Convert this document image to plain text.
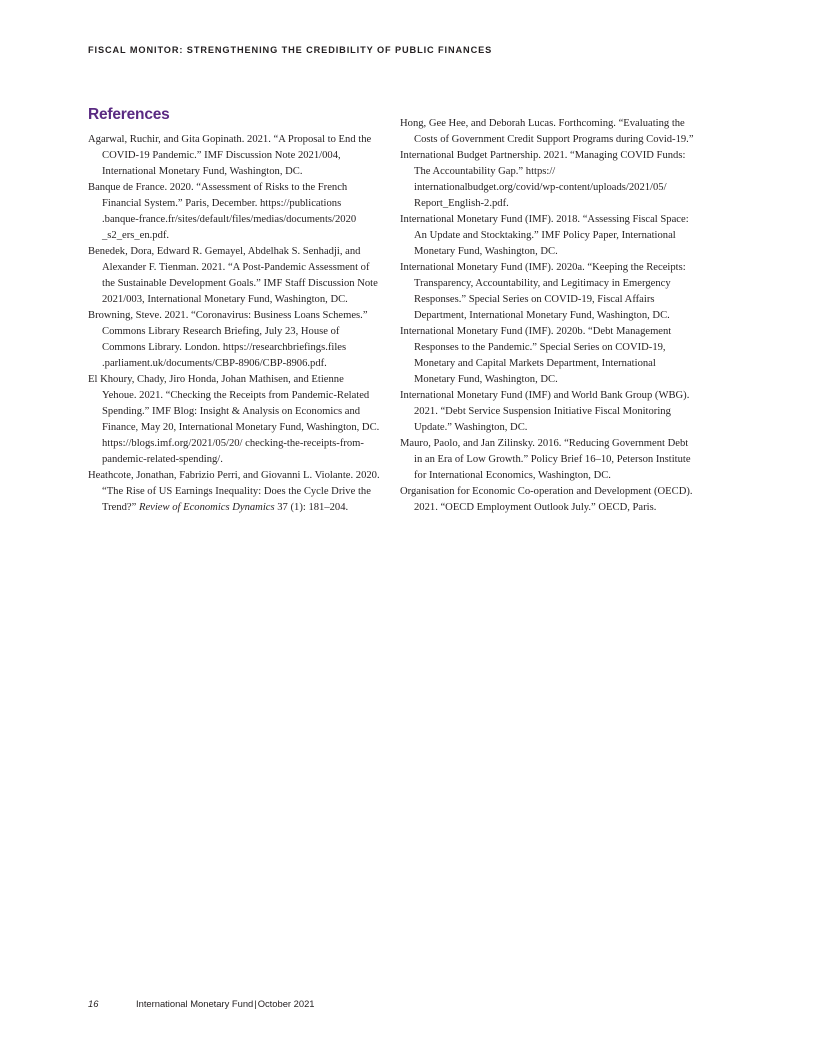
FISCAL MONITOR: STRENGTHENING THE CREDIBILITY OF PUBLIC FINANCES
References
Agarwal, Ruchir, and Gita Gopinath. 2021. “A Proposal to End the COVID-19 Pandemic.” IMF Discussion Note 2021/004, International Monetary Fund, Washington, DC.
Banque de France. 2020. “Assessment of Risks to the French Financial System.” Paris, December. https://publications .banque-france.fr/sites/default/files/medias/documents/2020 _s2_ers_en.pdf.
Benedek, Dora, Edward R. Gemayel, Abdelhak S. Senhadji, and Alexander F. Tienman. 2021. “A Post-Pandemic Assessment of the Sustainable Development Goals.” IMF Staff Discussion Note 2021/003, International Monetary Fund, Washington, DC.
Browning, Steve. 2021. “Coronavirus: Business Loans Schemes.” Commons Library Research Briefing, July 23, House of Commons Library. London. https://researchbriefings.files .parliament.uk/documents/CBP-8906/CBP-8906.pdf.
El Khoury, Chady, Jiro Honda, Johan Mathisen, and Etienne Yehoue. 2021. “Checking the Receipts from Pandemic-Related Spending.” IMF Blog: Insight & Analysis on Economics and Finance, May 20, International Monetary Fund, Washington, DC. https://blogs.imf.org/2021/05/20/ checking-the-receipts-from-pandemic-related-spending/.
Heathcote, Jonathan, Fabrizio Perri, and Giovanni L. Violante. 2020. “The Rise of US Earnings Inequality: Does the Cycle Drive the Trend?” Review of Economics Dynamics 37 (1): 181–204.
Hong, Gee Hee, and Deborah Lucas. Forthcoming. “Evaluating the Costs of Government Credit Support Programs during Covid-19.”
International Budget Partnership. 2021. “Managing COVID Funds: The Accountability Gap.” https:// internationalbudget.org/covid/wp-content/uploads/2021/05/ Report_English-2.pdf.
International Monetary Fund (IMF). 2018. “Assessing Fiscal Space: An Update and Stocktaking.” IMF Policy Paper, International Monetary Fund, Washington, DC.
International Monetary Fund (IMF). 2020a. “Keeping the Receipts: Transparency, Accountability, and Legitimacy in Emergency Responses.” Special Series on COVID-19, Fiscal Affairs Department, International Monetary Fund, Washington, DC.
International Monetary Fund (IMF). 2020b. “Debt Management Responses to the Pandemic.” Special Series on COVID-19, Monetary and Capital Markets Department, International Monetary Fund, Washington, DC.
International Monetary Fund (IMF) and World Bank Group (WBG). 2021. “Debt Service Suspension Initiative Fiscal Monitoring Update.” Washington, DC.
Mauro, Paolo, and Jan Zilinsky. 2016. “Reducing Government Debt in an Era of Low Growth.” Policy Brief 16–10, Peterson Institute for International Economics, Washington, DC.
Organisation for Economic Co-operation and Development (OECD). 2021. “OECD Employment Outlook July.” OECD, Paris.
16	International Monetary Fund|October 2021
